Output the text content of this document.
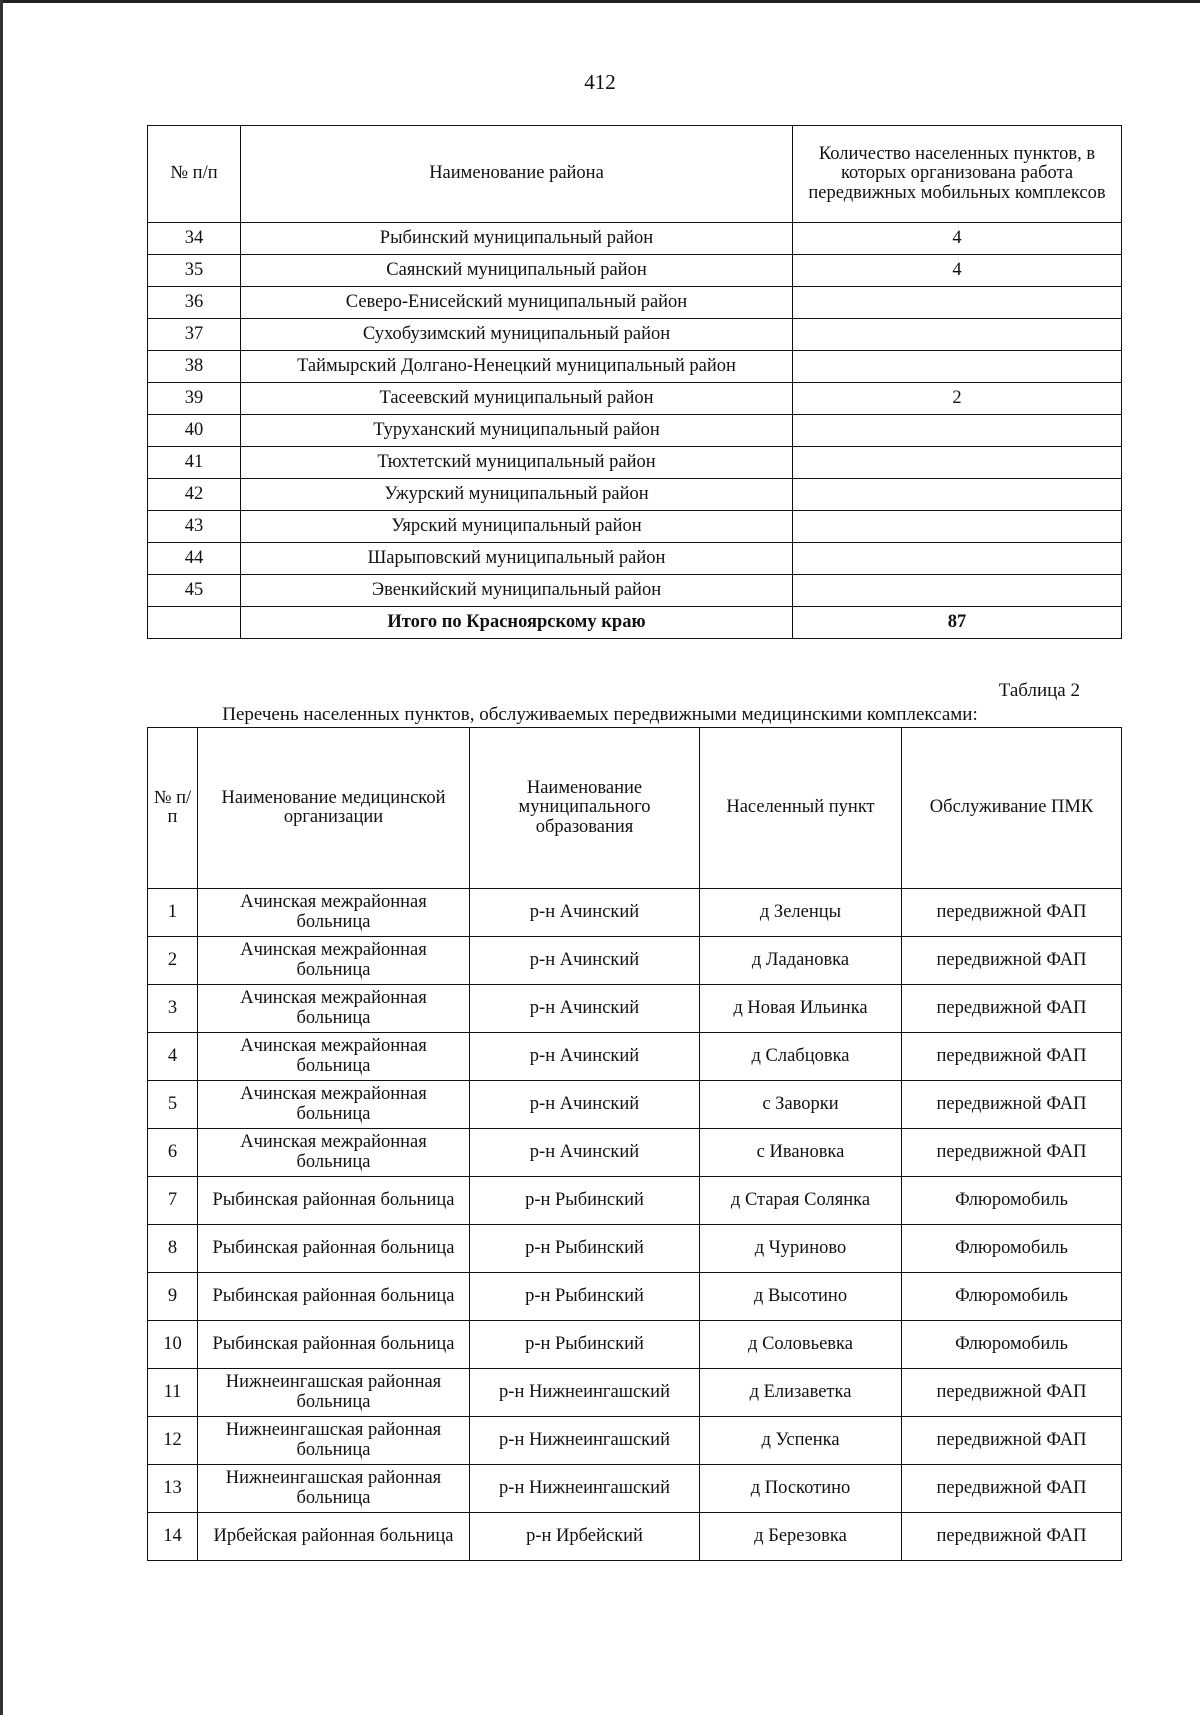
412
№ п/п	Наименование района	Количество населенных пунктов, в которых организована работа передвижных мобильных комплексов
34	Рыбинский муниципальный район	4
35	Саянский муниципальный район	4
36	Северо-Енисейский муниципальный район	
37	Сухобузимский муниципальный район	
38	Таймырский Долгано-Ненецкий муниципальный район	
39	Тасеевский муниципальный район	2
40	Туруханский муниципальный район	
41	Тюхтетский муниципальный район	
42	Ужурский муниципальный район	
43	Уярский муниципальный район	
44	Шарыповский муниципальный район	
45	Эвенкийский муниципальный район	
	Итого по Красноярскому краю	87
Таблица 2
Перечень населенных пунктов, обслуживаемых передвижными медицинскими комплексами:
№ п/п	Наименование медицинской организации	Наименование муниципального образования	Населенный пункт	Обслуживание ПМК
1	Ачинская межрайонная больница	р-н Ачинский	д Зеленцы	передвижной ФАП
2	Ачинская межрайонная больница	р-н Ачинский	д Ладановка	передвижной ФАП
3	Ачинская межрайонная больница	р-н Ачинский	д Новая Ильинка	передвижной ФАП
4	Ачинская межрайонная больница	р-н Ачинский	д Слабцовка	передвижной ФАП
5	Ачинская межрайонная больница	р-н Ачинский	с Заворки	передвижной ФАП
6	Ачинская межрайонная больница	р-н Ачинский	с Ивановка	передвижной ФАП
7	Рыбинская районная больница	р-н Рыбинский	д Старая Солянка	Флюромобиль
8	Рыбинская районная больница	р-н Рыбинский	д Чуриново	Флюромобиль
9	Рыбинская районная больница	р-н Рыбинский	д Высотино	Флюромобиль
10	Рыбинская районная больница	р-н Рыбинский	д Соловьевка	Флюромобиль
11	Нижнеингашская районная больница	р-н Нижнеингашский	д Елизаветка	передвижной ФАП
12	Нижнеингашская районная больница	р-н Нижнеингашский	д Успенка	передвижной ФАП
13	Нижнеингашская районная больница	р-н Нижнеингашский	д Поскотино	передвижной ФАП
14	Ирбейская районная больница	р-н Ирбейский	д Березовка	передвижной ФАП
